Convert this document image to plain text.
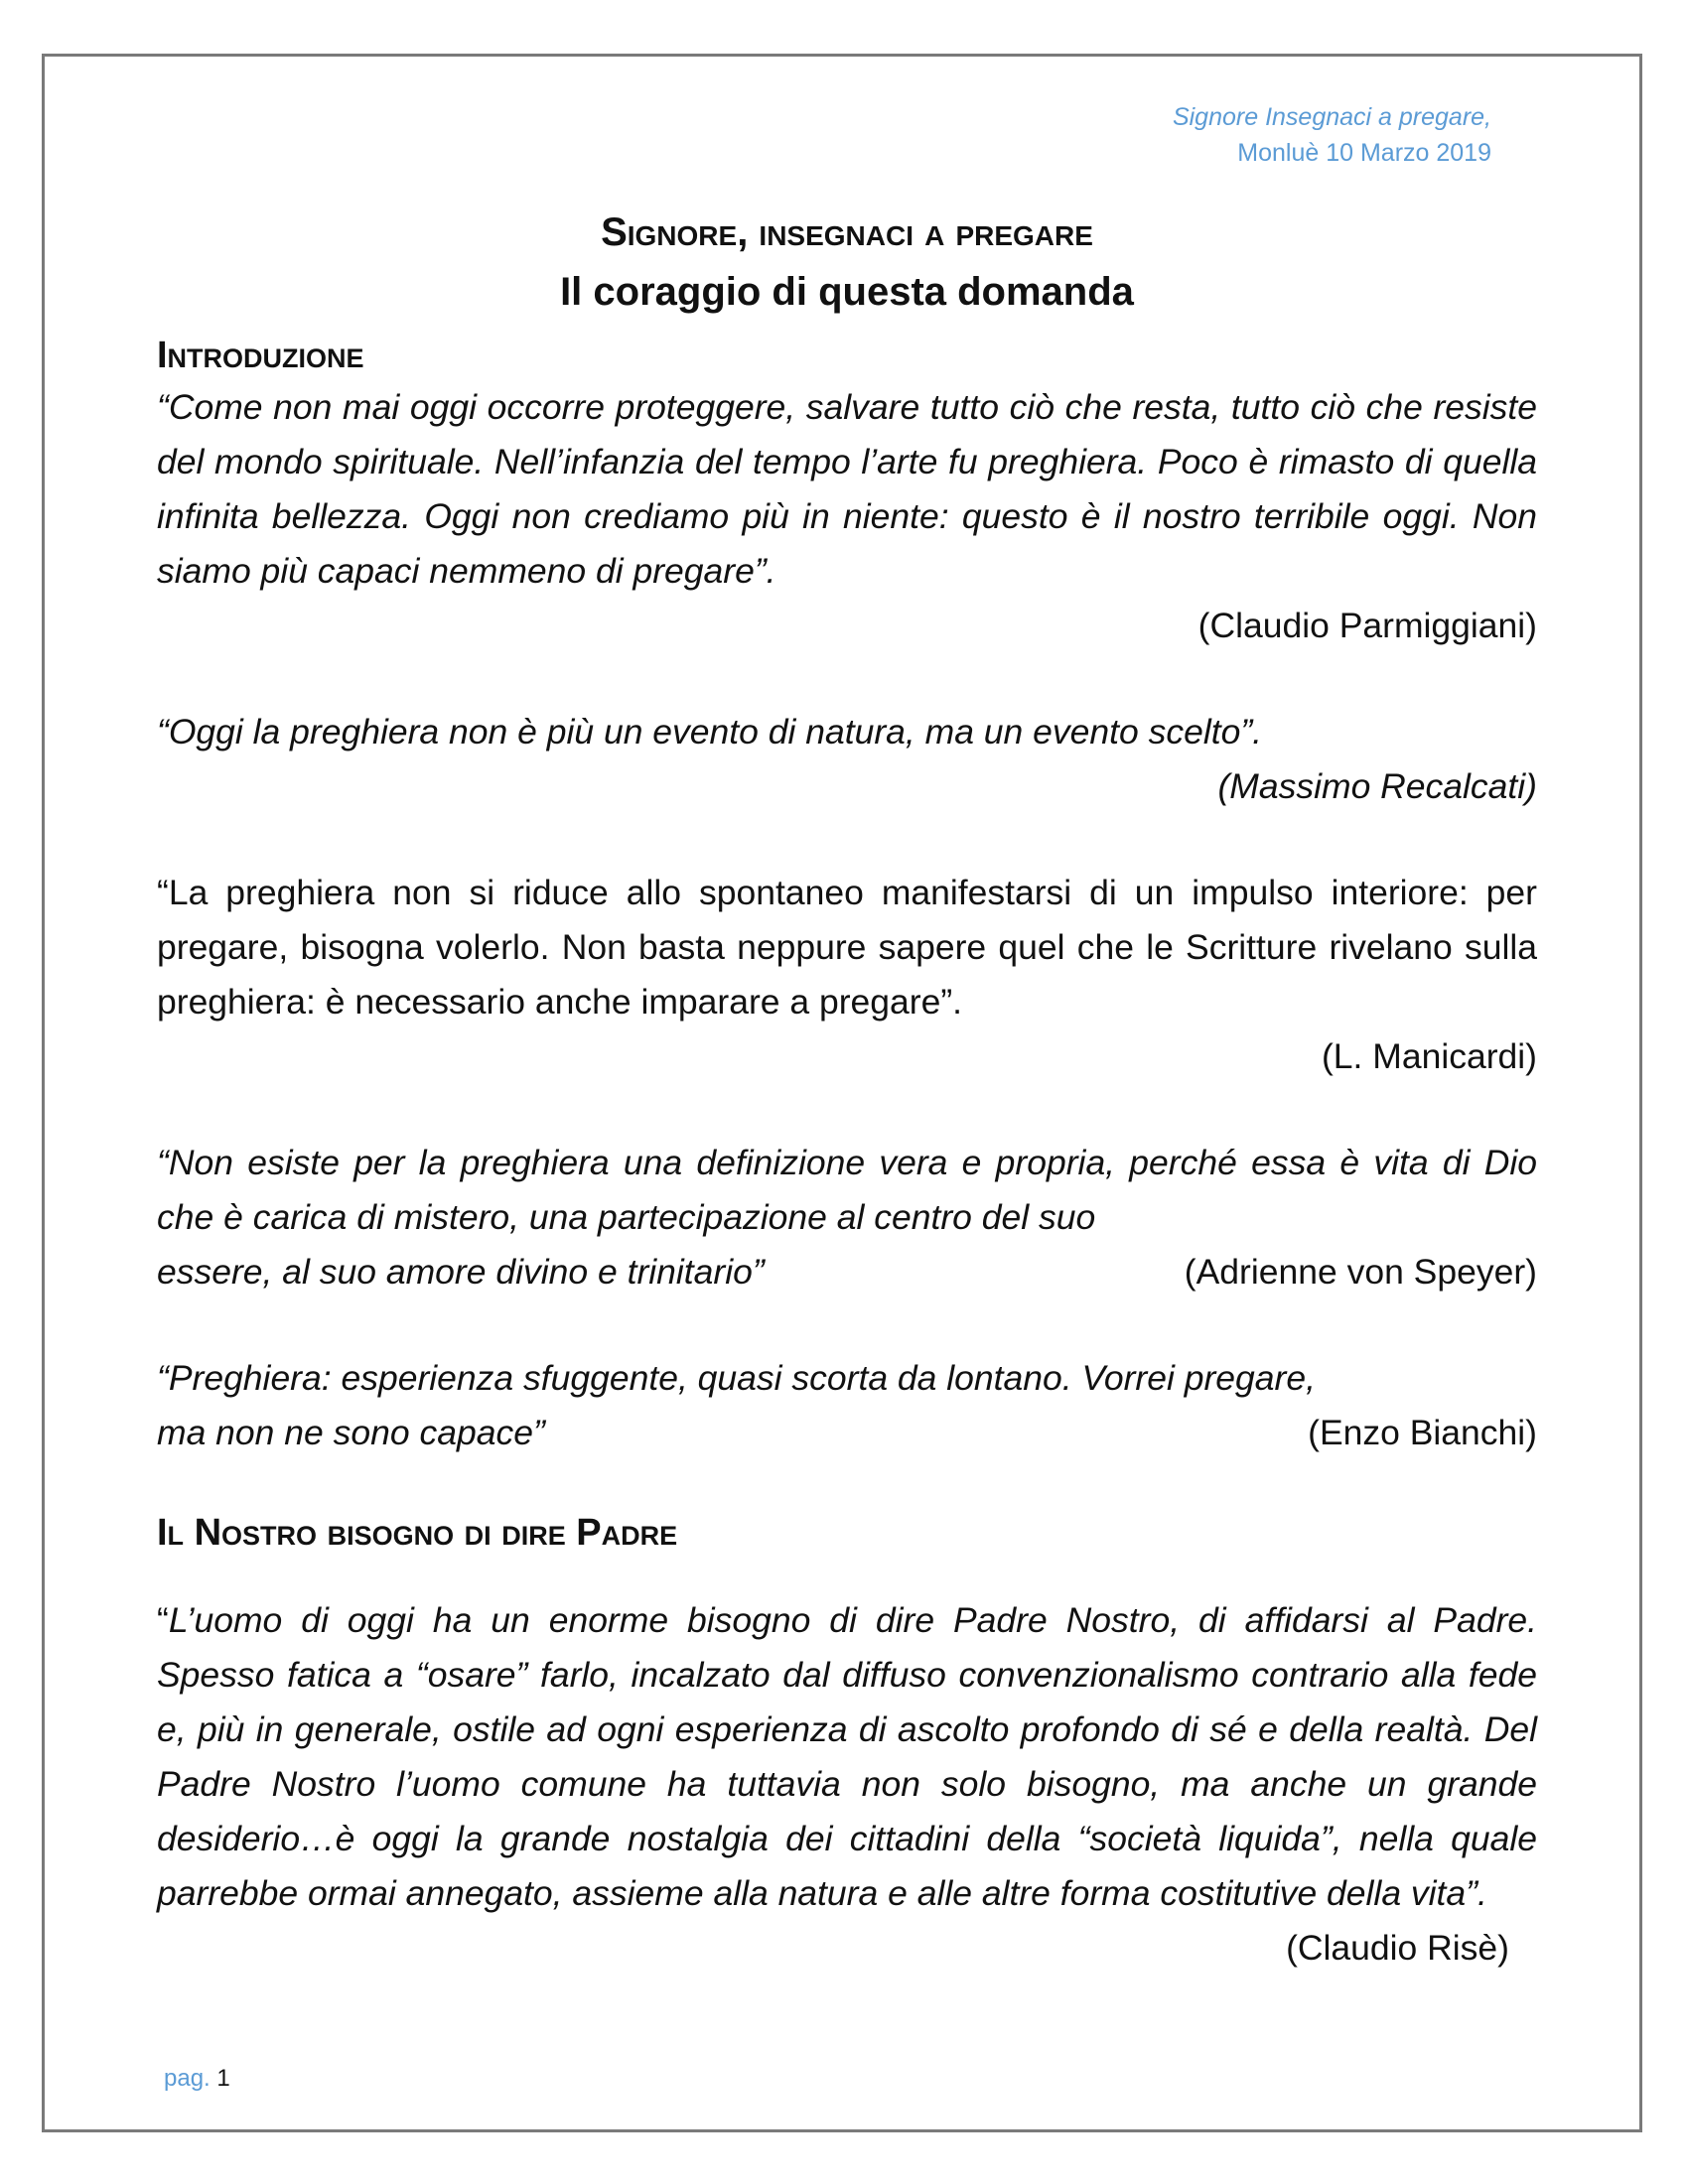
Signore Insegnaci a pregare,
Monluè 10 Marzo 2019
Signore, insegnaci a pregare
Il coraggio di questa domanda
Introduzione

“Come non mai oggi occorre proteggere, salvare tutto ciò che resta, tutto ciò che resiste del mondo spirituale. Nell’infanzia del tempo l’arte fu preghiera. Poco è rimasto di quella infinita bellezza. Oggi non crediamo più in niente: questo è il nostro terribile oggi. Non siamo più capaci nemmeno di pregare”.

(Claudio Parmiggiani)

“Oggi la preghiera non è più un evento di natura, ma un evento scelto”.

(Massimo Recalcati)

“La preghiera non si riduce allo spontaneo manifestarsi di un impulso interiore: per pregare, bisogna volerlo. Non basta neppure sapere quel che le Scritture rivelano sulla preghiera: è necessario anche imparare a pregare”.

(L. Manicardi)

“Non esiste per la preghiera una definizione vera e propria, perché essa è vita di Dio che è carica di mistero, una partecipazione al centro del suo

essere, al suo amore divino e trinitario”	(Adrienne von Speyer)

“Preghiera: esperienza sfuggente, quasi scorta da lontano. Vorrei pregare,

ma non ne sono capace”	(Enzo Bianchi)
Il Nostro bisogno di dire Padre

“L’uomo di oggi ha un enorme bisogno di dire Padre Nostro, di affidarsi al Padre. Spesso fatica a “osare” farlo, incalzato dal diffuso convenzionalismo contrario alla fede e, più in generale, ostile ad ogni esperienza di ascolto profondo di sé e della realtà. Del Padre Nostro l’uomo comune ha tuttavia non solo bisogno, ma anche un grande desiderio…è oggi la grande nostalgia dei cittadini della “società liquida”, nella quale parrebbe ormai annegato, assieme alla natura e alle altre forma costitutive della vita”.

(Claudio Risè)
pag. 1
